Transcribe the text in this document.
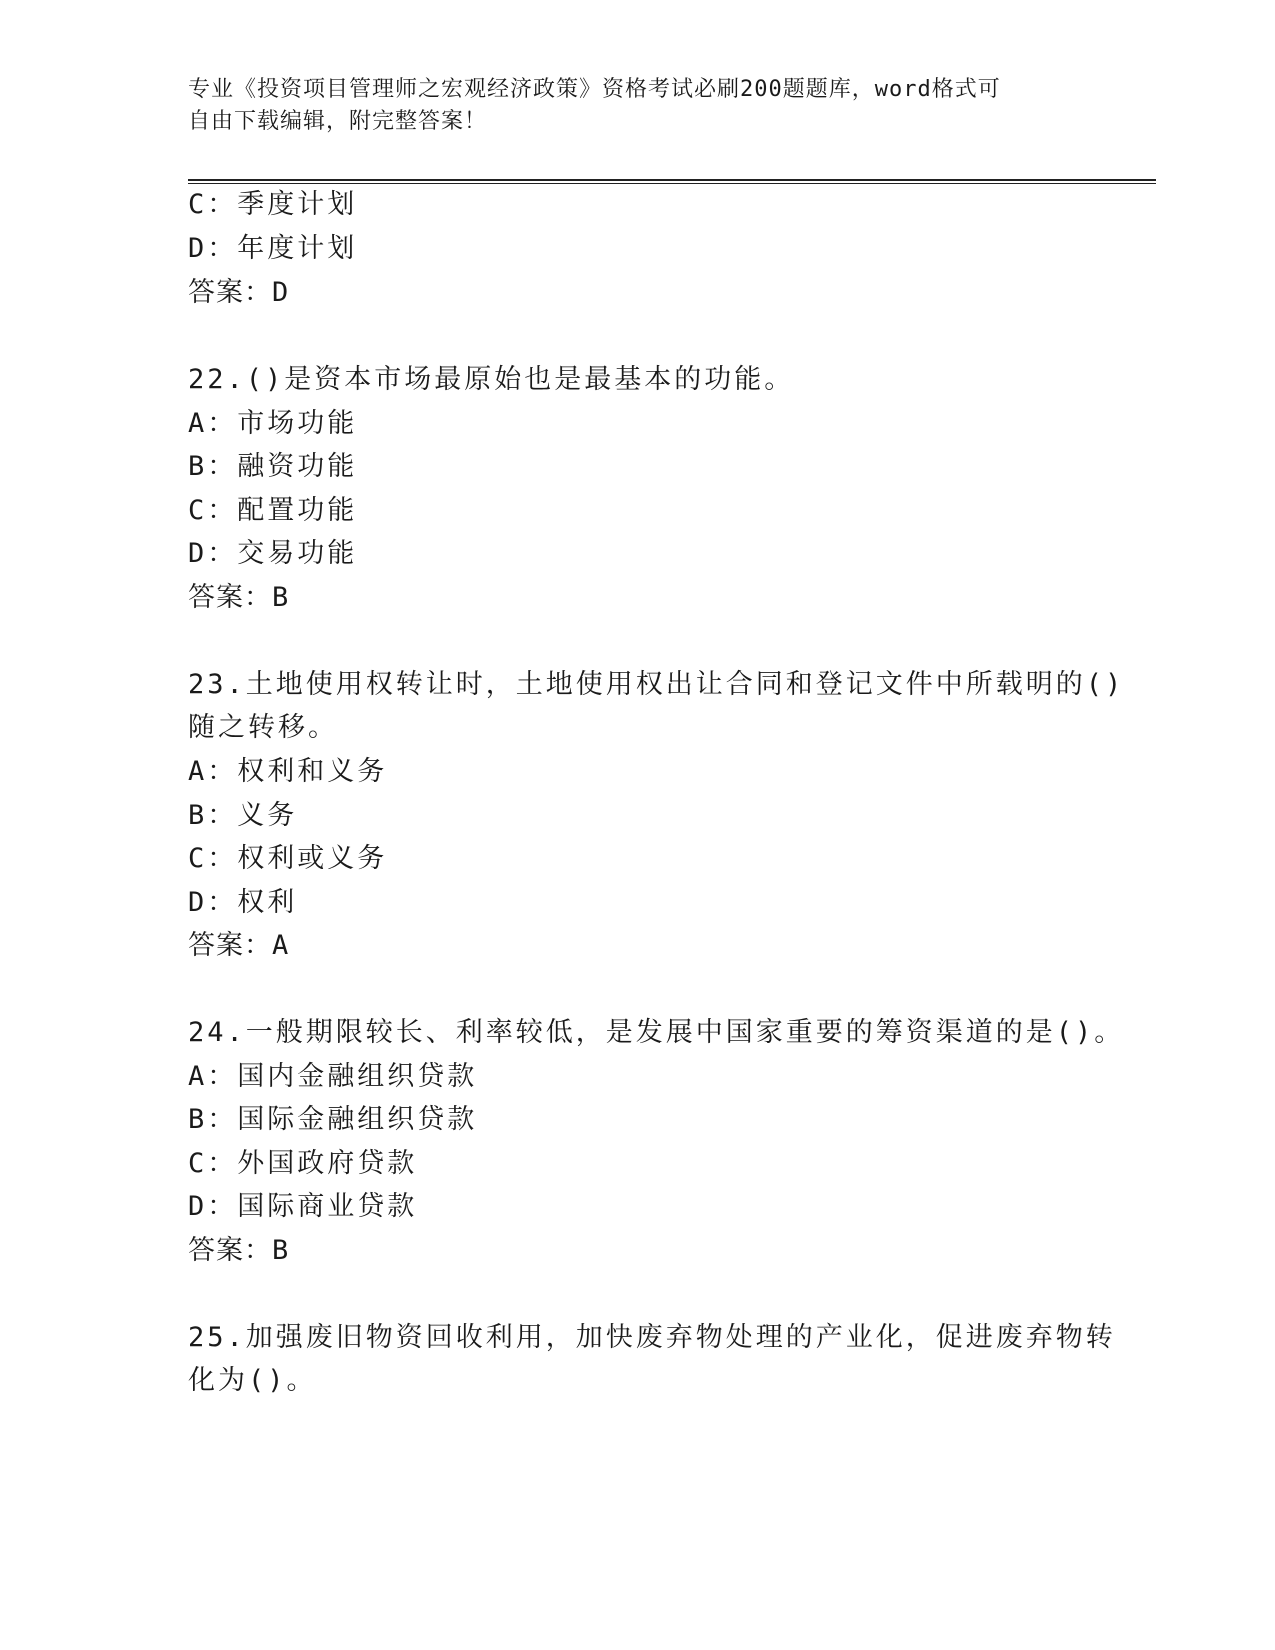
专业《投资项目管理师之宏观经济政策》资格考试必刷200题题库，word格式可
自由下载编辑，附完整答案！
C：季度计划
D：年度计划
答案：D
22.()是资本市场最原始也是最基本的功能。
A：市场功能
B：融资功能
C：配置功能
D：交易功能
答案：B
23.土地使用权转让时，土地使用权出让合同和登记文件中所载明的()
随之转移。
A：权利和义务
B：义务
C：权利或义务
D：权利
答案：A
24.一般期限较长、利率较低，是发展中国家重要的筹资渠道的是()。
A：国内金融组织贷款
B：国际金融组织贷款
C：外国政府贷款
D：国际商业贷款
答案：B
25.加强废旧物资回收利用，加快废弃物处理的产业化，促进废弃物转
化为()。
